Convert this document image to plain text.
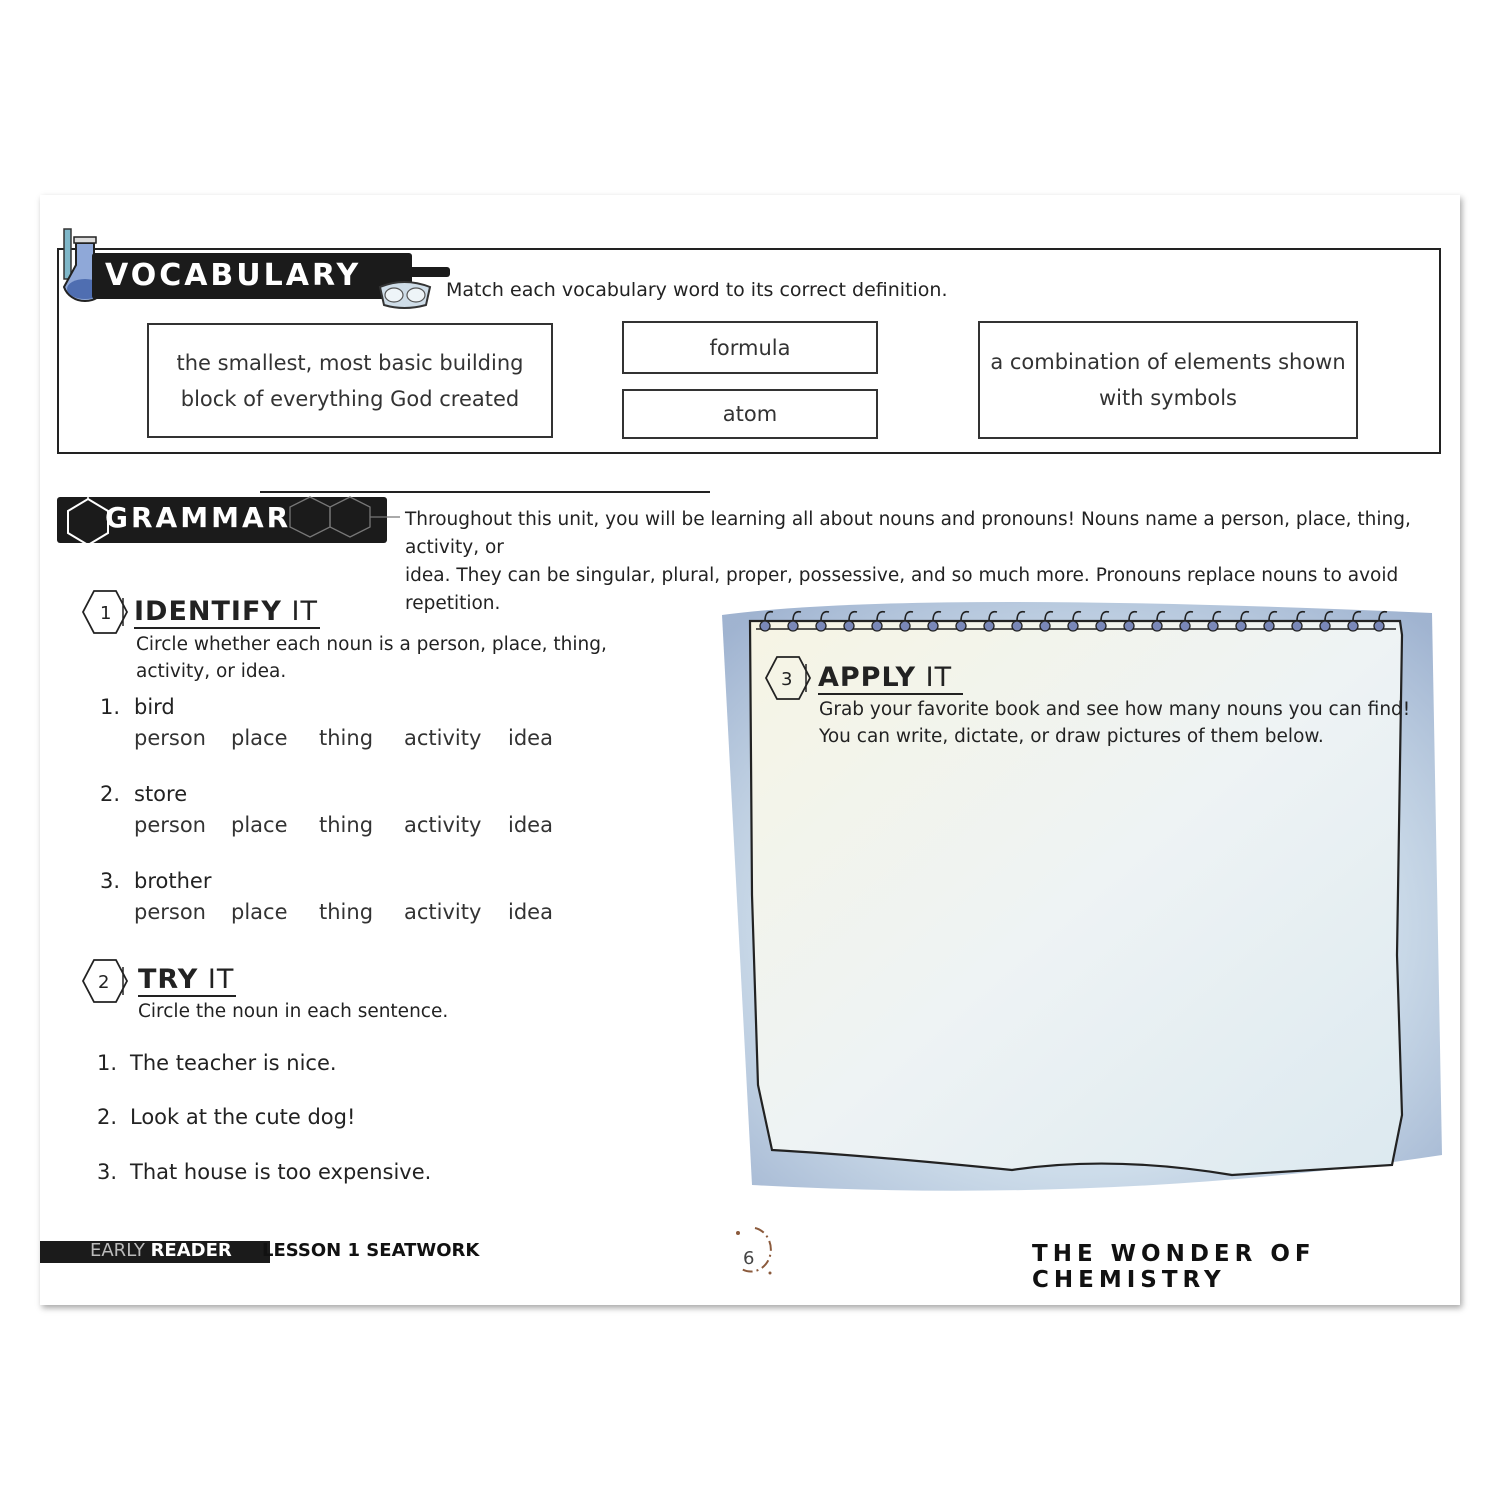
VOCABULARY	Match each vocabulary word to its correct definition.
the smallest, most basic building
block of everything God created
formula
atom
a combination of elements shown
with symbols
GRAMMAR	Throughout this unit, you will be learning all about nouns and pronouns! Nouns name a person, place, thing, activity, or
idea. They can be singular, plural, proper, possessive, and so much more. Pronouns replace nouns to avoid repetition.
1 IDENTIFY IT
Circle whether each noun is a person, place, thing,
activity, or idea.
1. bird
person place thing activity idea
2. store
person place thing activity idea
3. brother
person place thing activity idea
2 TRY IT
Circle the noun in each sentence.
1. The teacher is nice.
2. Look at the cute dog!
3. That house is too expensive.
3 APPLY IT
Grab your favorite book and see how many nouns you can find!
You can write, dictate, or draw pictures of them below.
EARLY READER LESSON 1 SEATWORK	6	THE WONDER OF CHEMISTRY
